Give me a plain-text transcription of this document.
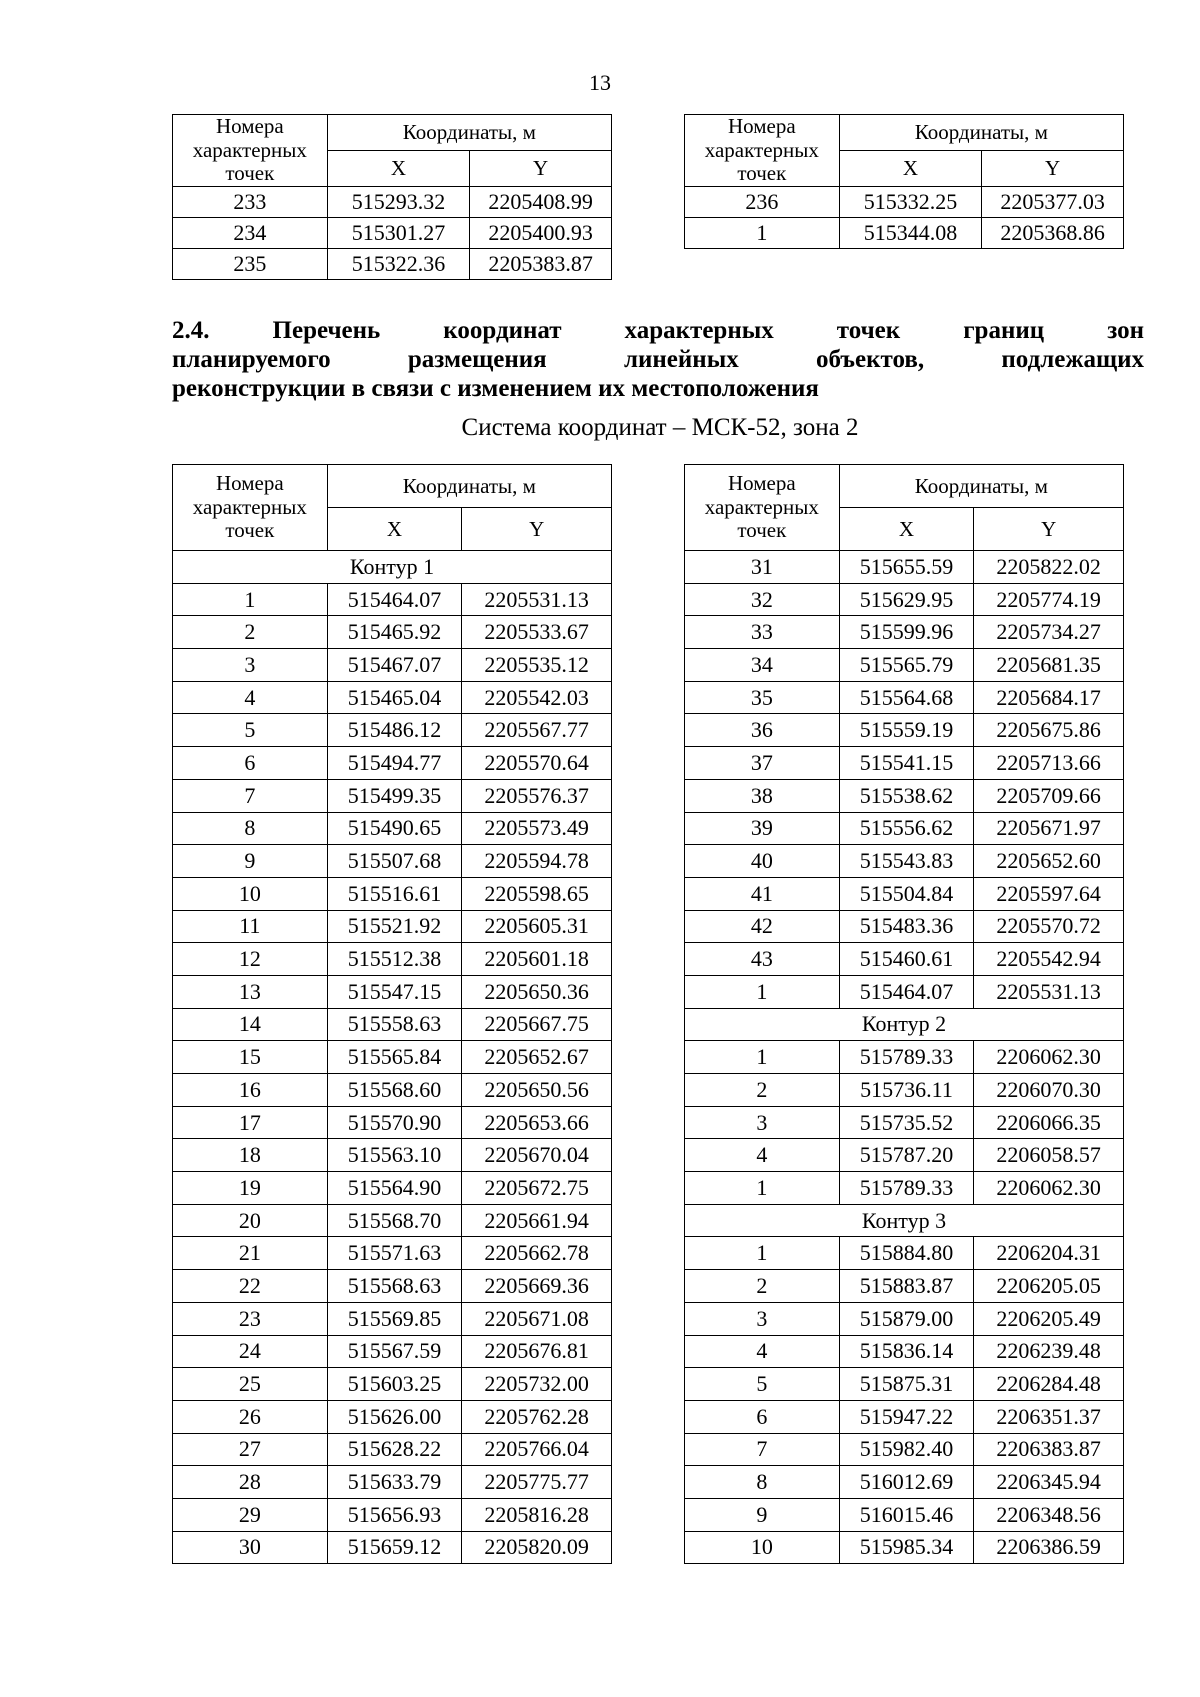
13
Номера характерных точек	Координаты, м	
	X	Y
233	515293.32	2205408.99
234	515301.27	2205400.93
235	515322.36	2205383.87
Номера характерных точек	Координаты, м	
	X	Y
236	515332.25	2205377.03
1	515344.08	2205368.86
2.4. Перечень координат характерных точек границ зон
планируемого размещения линейных объектов, подлежащих
реконструкции в связи с изменением их местоположения
Система координат – МСК-52, зона 2
Номера характерных точек	Координаты, м	
	X	Y
Контур 1		
1	515464.07	2205531.13
2	515465.92	2205533.67
3	515467.07	2205535.12
4	515465.04	2205542.03
5	515486.12	2205567.77
6	515494.77	2205570.64
7	515499.35	2205576.37
8	515490.65	2205573.49
9	515507.68	2205594.78
10	515516.61	2205598.65
11	515521.92	2205605.31
12	515512.38	2205601.18
13	515547.15	2205650.36
14	515558.63	2205667.75
15	515565.84	2205652.67
16	515568.60	2205650.56
17	515570.90	2205653.66
18	515563.10	2205670.04
19	515564.90	2205672.75
20	515568.70	2205661.94
21	515571.63	2205662.78
22	515568.63	2205669.36
23	515569.85	2205671.08
24	515567.59	2205676.81
25	515603.25	2205732.00
26	515626.00	2205762.28
27	515628.22	2205766.04
28	515633.79	2205775.77
29	515656.93	2205816.28
30	515659.12	2205820.09
Номера характерных точек	Координаты, м	
	X	Y
31	515655.59	2205822.02
32	515629.95	2205774.19
33	515599.96	2205734.27
34	515565.79	2205681.35
35	515564.68	2205684.17
36	515559.19	2205675.86
37	515541.15	2205713.66
38	515538.62	2205709.66
39	515556.62	2205671.97
40	515543.83	2205652.60
41	515504.84	2205597.64
42	515483.36	2205570.72
43	515460.61	2205542.94
1	515464.07	2205531.13
Контур 2		
1	515789.33	2206062.30
2	515736.11	2206070.30
3	515735.52	2206066.35
4	515787.20	2206058.57
1	515789.33	2206062.30
Контур 3		
1	515884.80	2206204.31
2	515883.87	2206205.05
3	515879.00	2206205.49
4	515836.14	2206239.48
5	515875.31	2206284.48
6	515947.22	2206351.37
7	515982.40	2206383.87
8	516012.69	2206345.94
9	516015.46	2206348.56
10	515985.34	2206386.59
